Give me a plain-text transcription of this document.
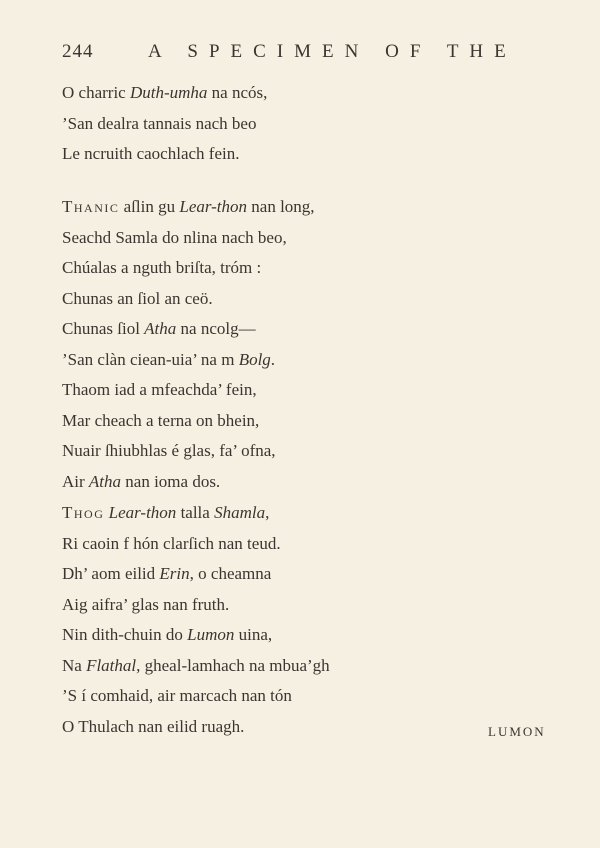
244	A SPECIMEN OF THE
O charric Duth-umha na ncós,
’San dealra tannais nach beo
Le ncruith caochlach fein.
Thanic aſlin gu Lear-thon nan long,
Seachd Samla do nlina nach beo,
Chúalas a nguth briſta, tróm :
Chunas an ſiol an ceö.
Chunas ſiol Atha na ncolg—
’San clàn ciean-uia’ na m Bolg.
Thaom iad a mfeachda’ fein,
Mar cheach a terna on bhein,
Nuair ſhiubhlas é glas, fa’ ofna,
Air Atha nan ioma dos.
Thog Lear-thon talla Shamla,
Ri caoin f hón clarſich nan teud.
Dh’ aom eilid Erin, o cheamna
Aig aifra’ glas nan fruth.
Nin dith-chuin do Lumon uina,
Na Flathal, gheal-lamhach na mbua’gh
’S í comhaid, air marcach nan tón
O Thulach nan eilid ruagh.	LUMON
